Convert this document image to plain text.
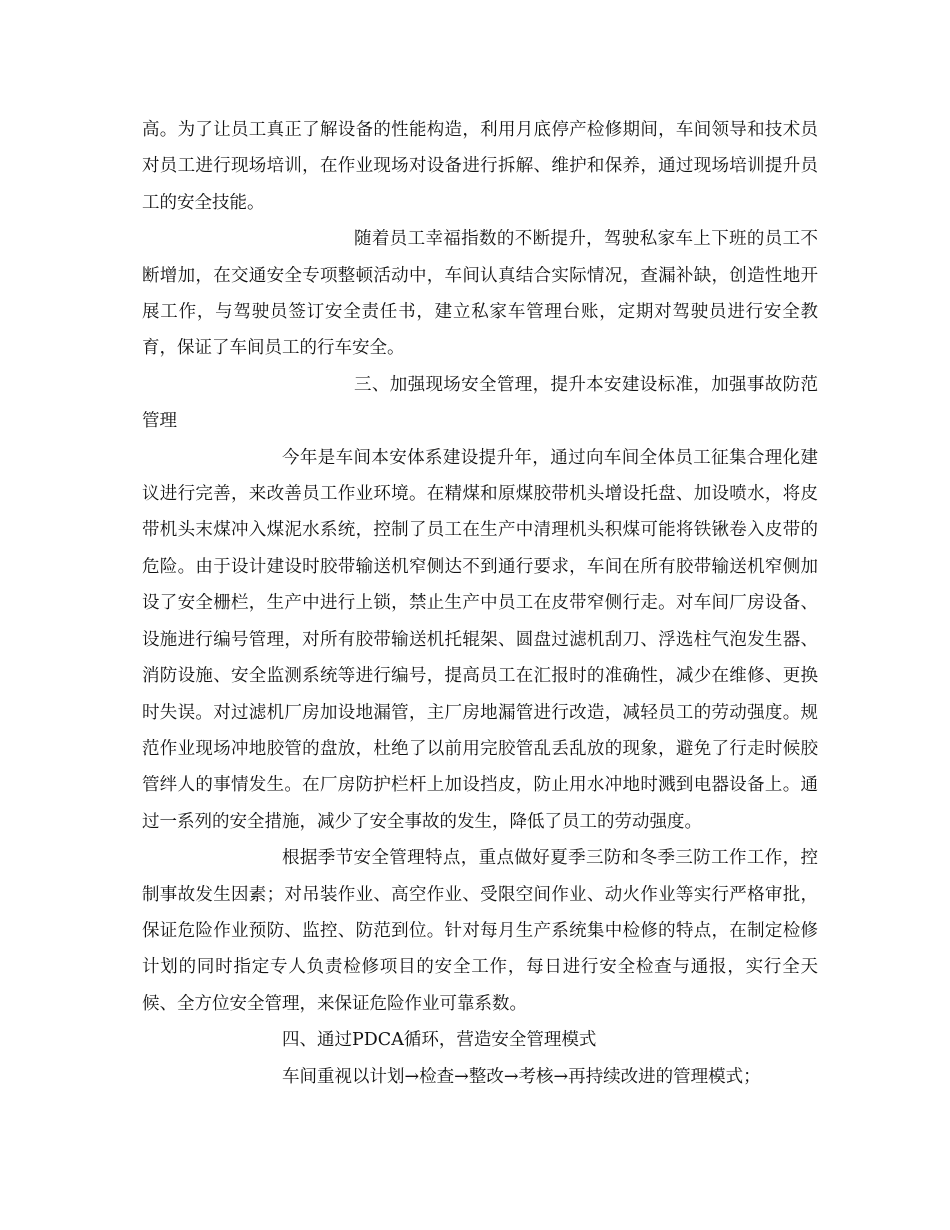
高。为了让员工真正了解设备的性能构造，利用月底停产检修期间，车间领导和技术员对员工进行现场培训，在作业现场对设备进行拆解、维护和保养，通过现场培训提升员工的安全技能。

随着员工幸福指数的不断提升，驾驶私家车上下班的员工不断增加，在交通安全专项整顿活动中，车间认真结合实际情况，查漏补缺，创造性地开展工作，与驾驶员签订安全责任书，建立私家车管理台账，定期对驾驶员进行安全教育，保证了车间员工的行车安全。

三、加强现场安全管理，提升本安建设标准，加强事故防范管理

今年是车间本安体系建设提升年，通过向车间全体员工征集合理化建议进行完善，来改善员工作业环境。在精煤和原煤胶带机头增设托盘、加设喷水，将皮带机头末煤冲入煤泥水系统，控制了员工在生产中清理机头积煤可能将铁锹卷入皮带的危险。由于设计建设时胶带输送机窄侧达不到通行要求，车间在所有胶带输送机窄侧加设了安全栅栏，生产中进行上锁，禁止生产中员工在皮带窄侧行走。对车间厂房设备、设施进行编号管理，对所有胶带输送机托辊架、圆盘过滤机刮刀、浮选柱气泡发生器、消防设施、安全监测系统等进行编号，提高员工在汇报时的准确性，减少在维修、更换时失误。对过滤机厂房加设地漏管，主厂房地漏管进行改造，减轻员工的劳动强度。规范作业现场冲地胶管的盘放，杜绝了以前用完胶管乱丢乱放的现象，避免了行走时候胶管绊人的事情发生。在厂房防护栏杆上加设挡皮，防止用水冲地时溅到电器设备上。通过一系列的安全措施，减少了安全事故的发生，降低了员工的劳动强度。

根据季节安全管理特点，重点做好夏季三防和冬季三防工作工作，控制事故发生因素；对吊装作业、高空作业、受限空间作业、动火作业等实行严格审批，保证危险作业预防、监控、防范到位。针对每月生产系统集中检修的特点，在制定检修计划的同时指定专人负责检修项目的安全工作，每日进行安全检查与通报，实行全天候、全方位安全管理，来保证危险作业可靠系数。

四、通过PDCA循环，营造安全管理模式

车间重视以计划→检查→整改→考核→再持续改进的管理模式；
